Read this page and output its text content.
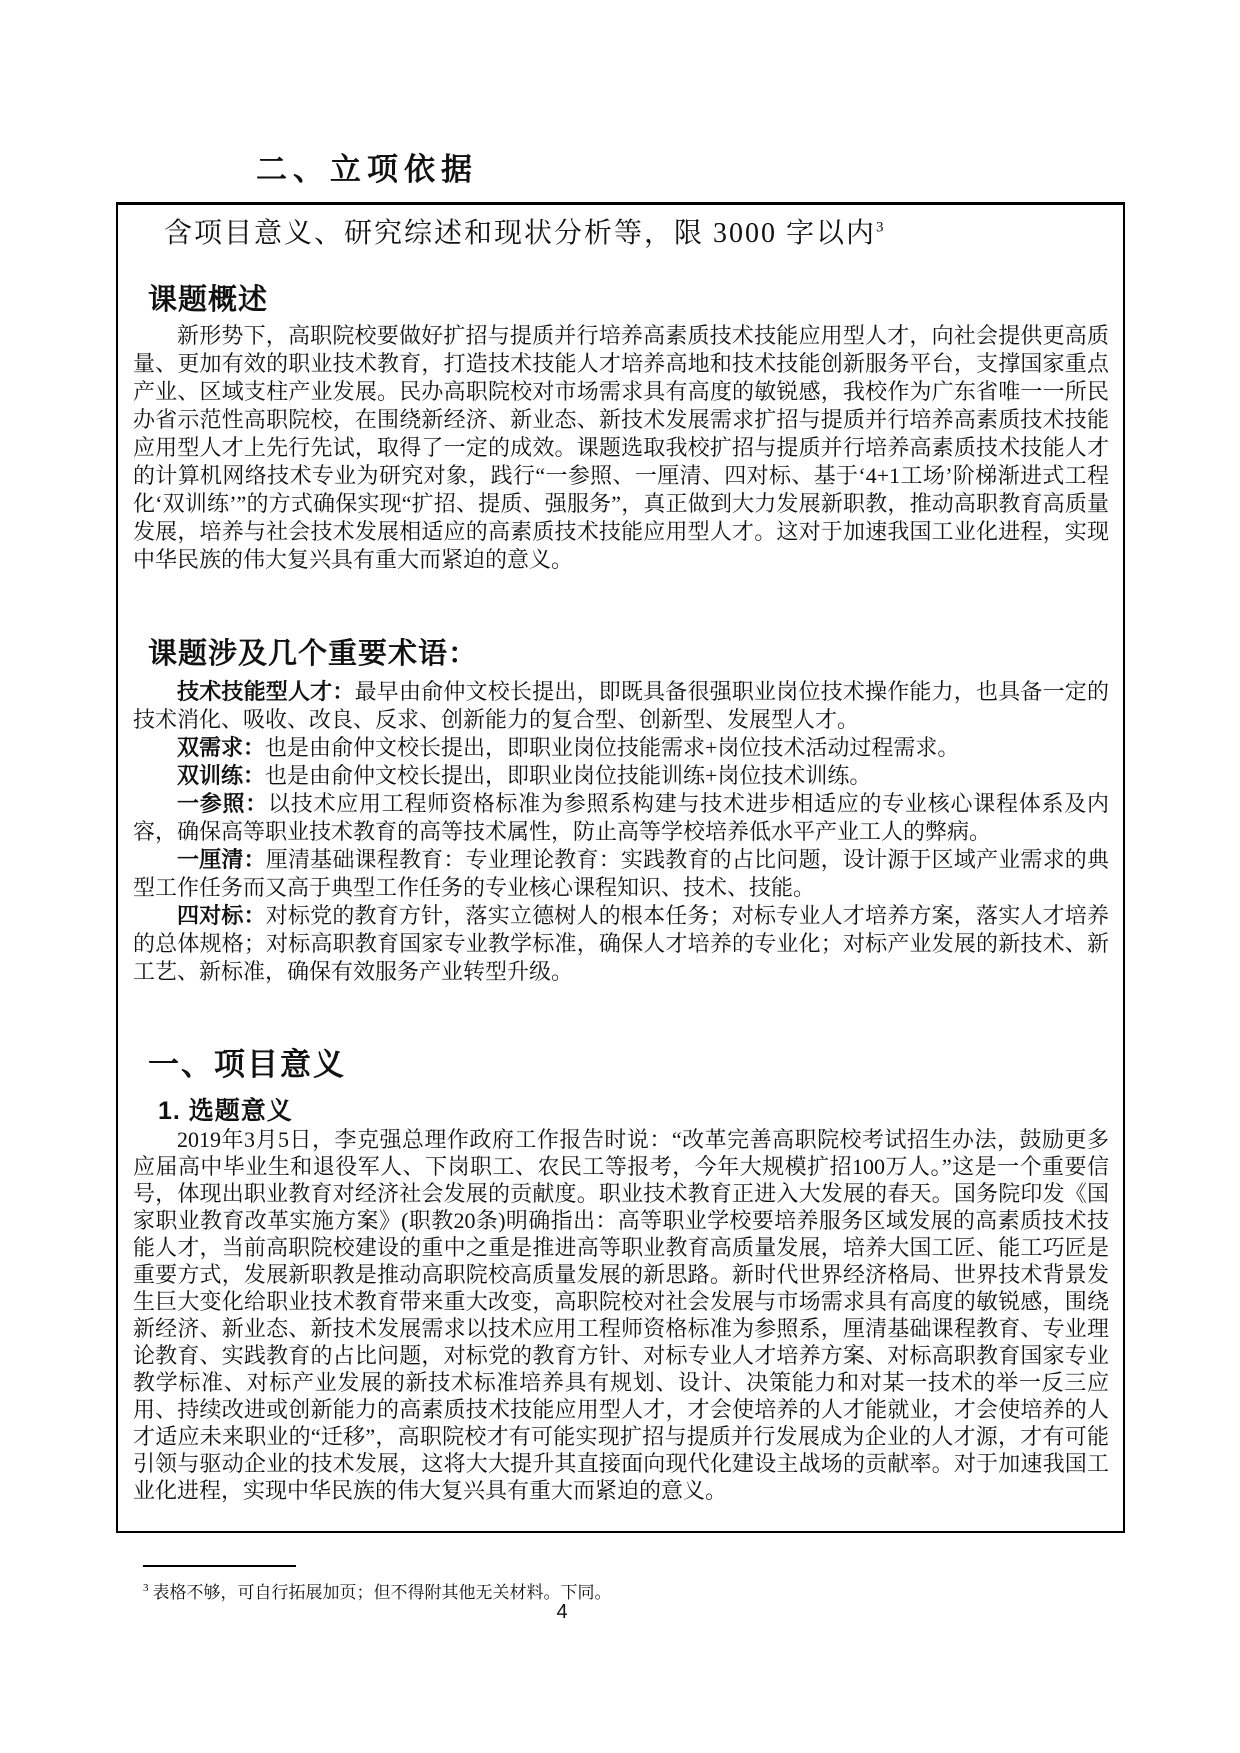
二、立项依据
含项目意义、研究综述和现状分析等，限 3000 字以内$^3$
课题概述

新形势下，高职院校要做好扩招与提质并行培养高素质技术技能应用型人才，向社会提供更高质量、更加有效的职业技术教育，打造技术技能人才培养高地和技术技能创新服务平台，支撑国家重点产业、区域支柱产业发展。民办高职院校对市场需求具有高度的敏锐感，我校作为广东省唯一一所民办省示范性高职院校，在围绕新经济、新业态、新技术发展需求扩招与提质并行培养高素质技术技能应用型人才上先行先试，取得了一定的成效。课题选取我校扩招与提质并行培养高素质技术技能人才的计算机网络技术专业为研究对象，践行“一参照、一厘清、四对标、基于‘4+1工场’阶梯渐进式工程化‘双训练’”的方式确保实现“扩招、提质、强服务”，真正做到大力发展新职教，推动高职教育高质量发展，培养与社会技术发展相适应的高素质技术技能应用型人才。这对于加速我国工业化进程，实现中华民族的伟大复兴具有重大而紧迫的意义。

课题涉及几个重要术语：

技术技能型人才：最早由俞仲文校长提出，即既具备很强职业岗位技术操作能力，也具备一定的技术消化、吸收、改良、反求、创新能力的复合型、创新型、发展型人才。

双需求：也是由俞仲文校长提出，即职业岗位技能需求+岗位技术活动过程需求。

双训练：也是由俞仲文校长提出，即职业岗位技能训练+岗位技术训练。

一参照：以技术应用工程师资格标准为参照系构建与技术进步相适应的专业核心课程体系及内容，确保高等职业技术教育的高等技术属性，防止高等学校培养低水平产业工人的弊病。

一厘清：厘清基础课程教育：专业理论教育：实践教育的占比问题，设计源于区域产业需求的典型工作任务而又高于典型工作任务的专业核心课程知识、技术、技能。

四对标：对标党的教育方针，落实立德树人的根本任务；对标专业人才培养方案，落实人才培养的总体规格；对标高职教育国家专业教学标准，确保人才培养的专业化；对标产业发展的新技术、新工艺、新标准，确保有效服务产业转型升级。

一、项目意义
1. 选题意义

2019年3月5日，李克强总理作政府工作报告时说：“改革完善高职院校考试招生办法，鼓励更多应届高中毕业生和退役军人、下岗职工、农民工等报考，今年大规模扩招100万人。”这是一个重要信号，体现出职业教育对经济社会发展的贡献度。职业技术教育正进入大发展的春天。国务院印发《国家职业教育改革实施方案》(职教20条)明确指出：高等职业学校要培养服务区域发展的高素质技术技能人才，当前高职院校建设的重中之重是推进高等职业教育高质量发展，培养大国工匠、能工巧匠是重要方式，发展新职教是推动高职院校高质量发展的新思路。新时代世界经济格局、世界技术背景发生巨大变化给职业技术教育带来重大改变，高职院校对社会发展与市场需求具有高度的敏锐感，围绕新经济、新业态、新技术发展需求以技术应用工程师资格标准为参照系，厘清基础课程教育、专业理论教育、实践教育的占比问题，对标党的教育方针、对标专业人才培养方案、对标高职教育国家专业教学标准、对标产业发展的新技术标准培养具有规划、设计、决策能力和对某一技术的举一反三应用、持续改进或创新能力的高素质技术技能应用型人才，才会使培养的人才能就业，才会使培养的人才适应未来职业的“迁移”，高职院校才有可能实现扩招与提质并行发展成为企业的人才源，才有可能引领与驱动企业的技术发展，这将大大提升其直接面向现代化建设主战场的贡献率。对于加速我国工业化进程，实现中华民族的伟大复兴具有重大而紧迫的意义。

$^3$ 表格不够，可自行拓展加页；但不得附其他无关材料。下同。
4
